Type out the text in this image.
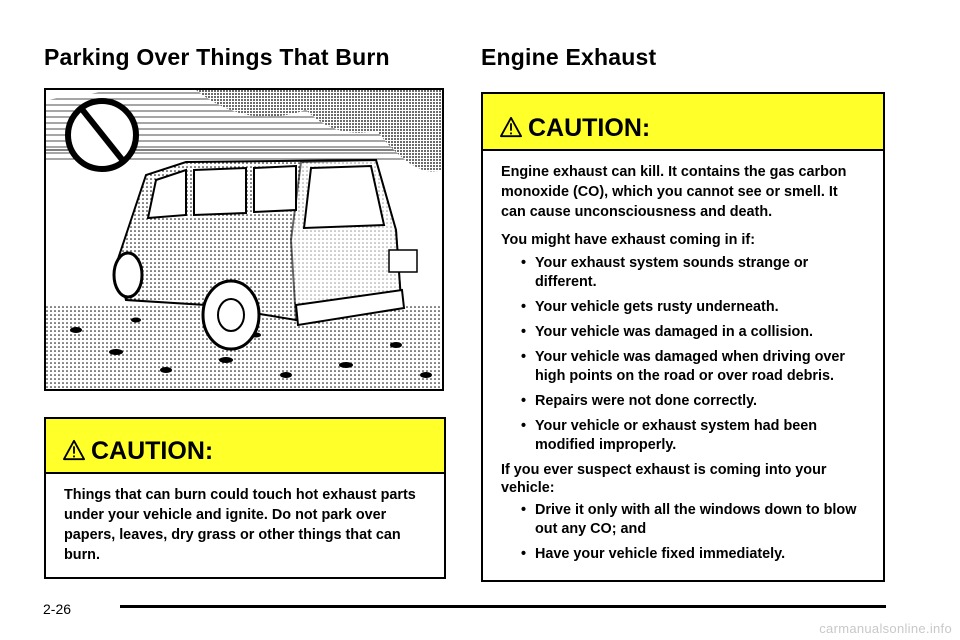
Parking Over Things That Burn	Engine Exhaust
CAUTION:

Things that can burn could touch hot exhaust parts under your vehicle and ignite. Do not park over papers, leaves, dry grass or other things that can burn.

CAUTION:

Engine exhaust can kill. It contains the gas carbon monoxide (CO), which you cannot see or smell. It can cause unconsciousness and death.

You might have exhaust coming in if:

• Your exhaust system sounds strange or different.
• Your vehicle gets rusty underneath.
• Your vehicle was damaged in a collision.
• Your vehicle was damaged when driving over high points on the road or over road debris.
• Repairs were not done correctly.
• Your vehicle or exhaust system had been modified improperly.

If you ever suspect exhaust is coming into your vehicle:

• Drive it only with all the windows down to blow out any CO; and
• Have your vehicle fixed immediately.
2-26
carmanualsonline.info
